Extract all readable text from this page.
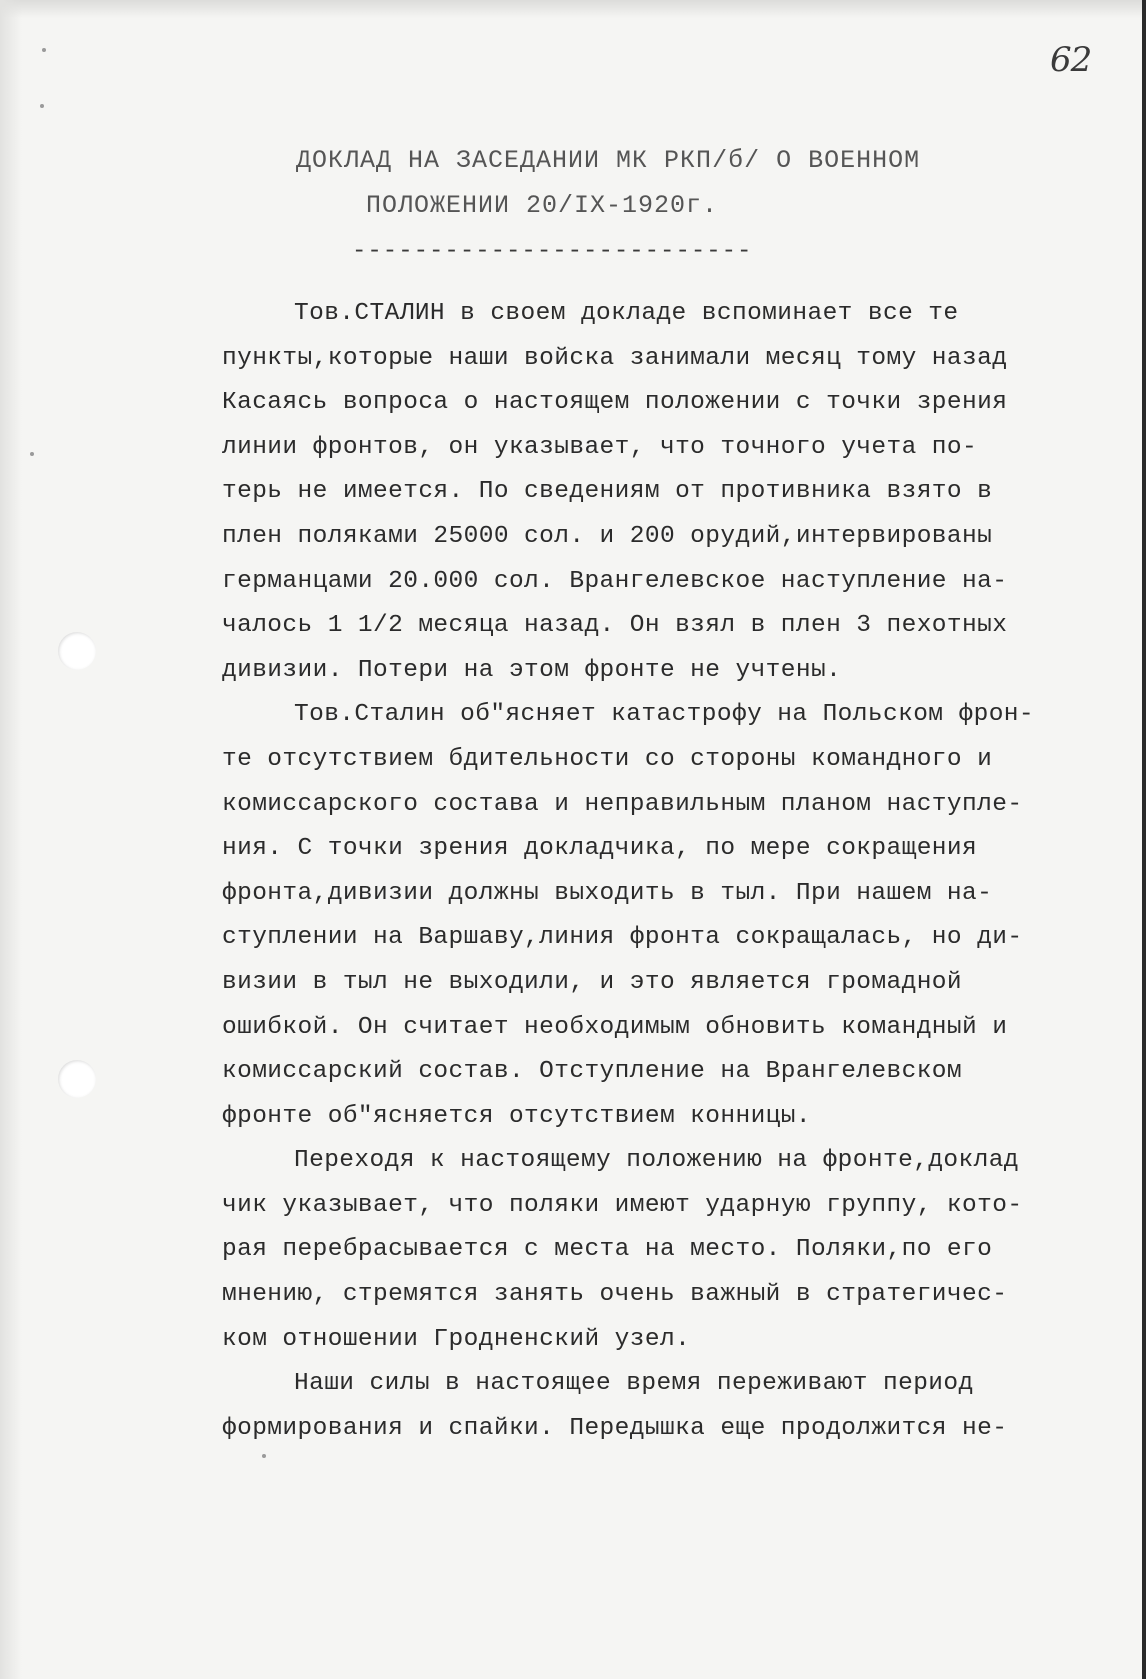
62
ДОКЛАД НА ЗАСЕДАНИИ МК РКП/б/ О ВОЕННОМ
ПОЛОЖЕНИИ 20/IX-1920г.
--------------------------
Тов.СТАЛИН в своем докладе вспоминает все те
пункты,которые наши войска занимали месяц тому назад
Касаясь вопроса о настоящем положении с точки зрения
линии фронтов, он указывает, что точного учета по-
терь не имеется. По сведениям от противника взято в
плен поляками 25000 сол. и 200 орудий,интервированы
германцами 20.000 сол. Врангелевское наступление на-
чалось 1 1/2 месяца назад. Он взял в плен 3 пехотных
дивизии. Потери на этом фронте не учтены.
Тов.Сталин об"ясняет катастрофу на Польском фрон-
те отсутствием бдительности со стороны командного и
комиссарского состава и неправильным планом наступле-
ния. С точки зрения докладчика, по мере сокращения
фронта,дивизии должны выходить в тыл. При нашем на-
ступлении на Варшаву,линия фронта сокращалась, но ди-
визии в тыл не выходили, и это является громадной
ошибкой. Он считает необходимым обновить командный и
комиссарский состав. Отступление на Врангелевском
фронте об"ясняется отсутствием конницы.
Переходя к настоящему положению на фронте,доклад
чик указывает, что поляки имеют ударную группу, кото-
рая перебрасывается с места на место. Поляки,по его
мнению, стремятся занять очень важный в стратегичес-
ком отношении Гродненский узел.
Наши силы в настоящее время переживают период
формирования и спайки. Передышка еще продолжится не-
